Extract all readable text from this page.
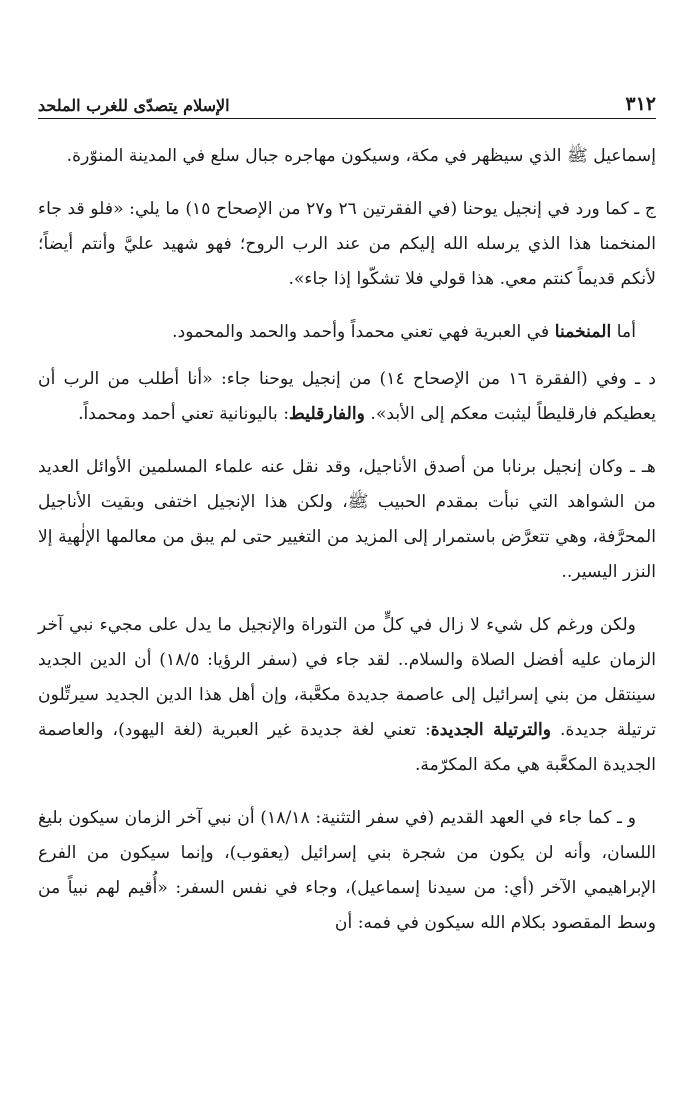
٣١٢
الإسلام يتصدّى للغرب الملحد

إسماعيل ﷺ الذي سيظهر في مكة، وسيكون مهاجره جبال سلع في المدينة المنوّرة.

ج ـ كما ورد في إنجيل يوحنا (في الفقرتين ٢٦ و٢٧ من الإصحاح ١٥) ما يلي: «فلو قد جاء المنخمنا هذا الذي يرسله الله إليكم من عند الرب الروح؛ فهو شهيد عليَّ وأنتم أيضاً؛ لأنكم قديماً كنتم معي. هذا قولي فلا تشكّوا إذا جاء».

أما المنخمنا في العبرية فهي تعني محمداً وأحمد والحمد والمحمود.

د ـ وفي (الفقرة ١٦ من الإصحاح ١٤) من إنجيل يوحنا جاء: «أنا أطلب من الرب أن يعطيكم فارقليطاً ليثبت معكم إلى الأبد». والفارقليط: باليونانية تعني أحمد ومحمداً.

هـ ـ وكان إنجيل برنابا من أصدق الأناجيل، وقد نقل عنه علماء المسلمين الأوائل العديد من الشواهد التي نبأت بمقدم الحبيب ﷺ، ولكن هذا الإنجيل اختفى وبقيت الأناجيل المحرَّفة، وهي تتعرَّض باستمرار إلى المزيد من التغيير حتى لم يبق من معالمها الإلٰهية إلا النزر اليسير..

ولكن ورغم كل شيء لا زال في كلٍّ من التوراة والإنجيل ما يدل على مجيء نبي آخر الزمان عليه أفضل الصلاة والسلام.. لقد جاء في (سفر الرؤيا: ١٨/٥) أن الدين الجديد سينتقل من بني إسرائيل إلى عاصمة جديدة مكعَّبة، وإن أهل هذا الدين الجديد سيرتِّلون ترتيلة جديدة. والترتيلة الجديدة: تعني لغة جديدة غير العبرية (لغة اليهود)، والعاصمة الجديدة المكعَّبة هي مكة المكرّمة.

و ـ كما جاء في العهد القديم (في سفر التثنية: ١٨/١٨) أن نبي آخر الزمان سيكون بليغ اللسان، وأنه لن يكون من شجرة بني إسرائيل (يعقوب)، وإنما سيكون من الفرع الإبراهيمي الآخر (أي: من سيدنا إسماعيل)، وجاء في نفس السفر: «أُقيم لهم نبياً من وسط المقصود بكلام الله سيكون في فمه: أن
